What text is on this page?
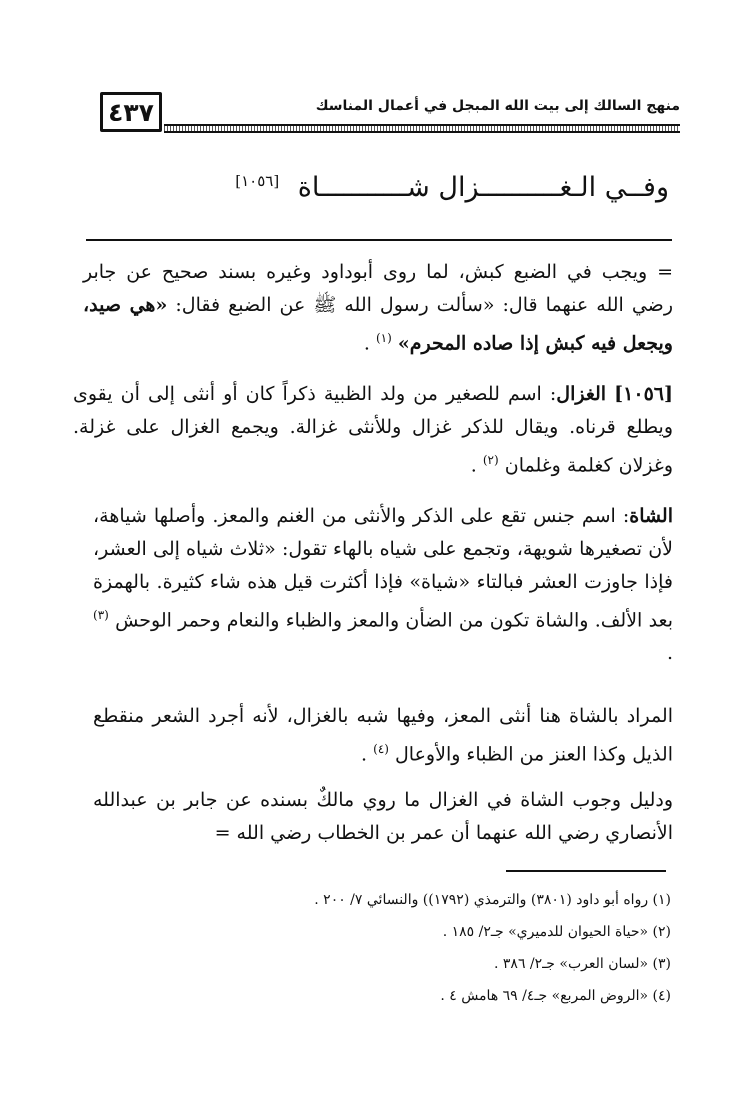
٤٣٧	منهج السالك إلى بيت الله المبجل في أعمال المناسك
وفــي الـغــــــــــزال شـــــــــــاة [١٠٥٦]
= ويجب في الضبع كبش، لما روى أبوداود وغيره بسند صحيح عن جابر رضي الله عنهما قال: «سألت رسول الله ﷺ عن الضبع فقال: «هي صيد، ويجعل فيه كبش إذا صاده المحرم» $^{(١)}$ .
[١٠٥٦] الغزال: اسم للصغير من ولد الظبية ذكراً كان أو أنثى إلى أن يقوى ويطلع قرناه. ويقال للذكر غزال وللأنثى غزالة. ويجمع الغزال على غزلة. وغزلان كغلمة وغلمان $^{(٢)}$ .
الشاة: اسم جنس تقع على الذكر والأنثى من الغنم والمعز. وأصلها شياهة، لأن تصغيرها شويهة، وتجمع على شياه بالهاء تقول: «ثلاث شياه إلى العشر، فإذا جاوزت العشر فبالتاء «شياة» فإذا أكثرت قيل هذه شاء كثيرة. بالهمزة بعد الألف. والشاة تكون من الضأن والمعز والظباء والنعام وحمر الوحش $^{(٣)}$ .
المراد بالشاة هنا أنثى المعز، وفيها شبه بالغزال، لأنه أجرد الشعر منقطع الذيل وكذا العنز من الظباء والأوعال $^{(٤)}$ .
ودليل وجوب الشاة في الغزال ما روي مالكٌ بسنده عن جابر بن عبدالله الأنصاري رضي الله عنهما أن عمر بن الخطاب رضي الله =
(١) رواه أبو داود (٣٨٠١) والترمذي (١٧٩٢)) والنسائي ٧/ ٢٠٠ .
(٢) «حياة الحيوان للدميري» جـ٢/ ١٨٥ .
(٣) «لسان العرب» جـ٢/ ٣٨٦ .
(٤) «الروض المربع» جـ٤/ ٦٩ هامش ٤ .
